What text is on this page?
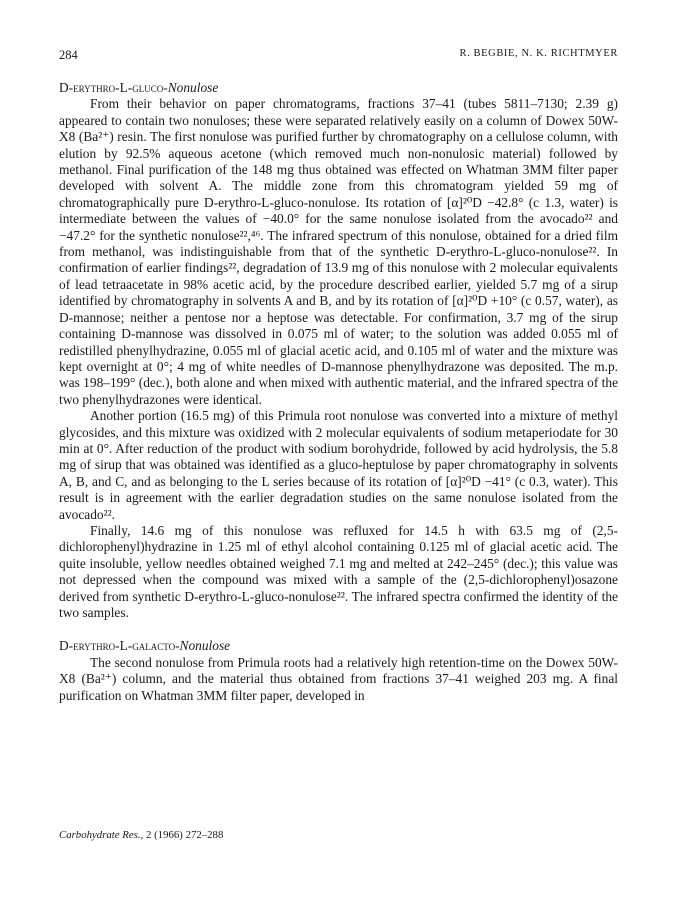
284	R. BEGBIE, N. K. RICHTMYER

D-erythro-L-gluco-Nonulose

From their behavior on paper chromatograms, fractions 37–41 (tubes 5811–7130; 2.39 g) appeared to contain two nonuloses; these were separated relatively easily on a column of Dowex 50W-X8 (Ba²⁺) resin. The first nonulose was purified further by chromatography on a cellulose column, with elution by 92.5% aqueous acetone (which removed much non-nonulosic material) followed by methanol. Final purification of the 148 mg thus obtained was effected on Whatman 3MM filter paper developed with solvent A. The middle zone from this chromatogram yielded 59 mg of chromatographically pure D-erythro-L-gluco-nonulose. Its rotation of [α]²⁰D −42.8° (c 1.3, water) is intermediate between the values of −40.0° for the same nonulose isolated from the avocado²² and −47.2° for the synthetic nonulose²²,⁴⁶. The infrared spectrum of this nonulose, obtained for a dried film from methanol, was indistinguishable from that of the synthetic D-erythro-L-gluco-nonulose²². In confirmation of earlier findings²², degradation of 13.9 mg of this nonulose with 2 molecular equivalents of lead tetraacetate in 98% acetic acid, by the procedure described earlier, yielded 5.7 mg of a sirup identified by chromatography in solvents A and B, and by its rotation of [α]²⁰D +10° (c 0.57, water), as D-mannose; neither a pentose nor a heptose was detectable. For confirmation, 3.7 mg of the sirup containing D-mannose was dissolved in 0.075 ml of water; to the solution was added 0.055 ml of redistilled phenylhydrazine, 0.055 ml of glacial acetic acid, and 0.105 ml of water and the mixture was kept overnight at 0°; 4 mg of white needles of D-mannose phenylhydrazone was deposited. The m.p. was 198–199° (dec.), both alone and when mixed with authentic material, and the infrared spectra of the two phenylhydrazones were identical.

Another portion (16.5 mg) of this Primula root nonulose was converted into a mixture of methyl glycosides, and this mixture was oxidized with 2 molecular equivalents of sodium metaperiodate for 30 min at 0°. After reduction of the product with sodium borohydride, followed by acid hydrolysis, the 5.8 mg of sirup that was obtained was identified as a gluco-heptulose by paper chromatography in solvents A, B, and C, and as belonging to the L series because of its rotation of [α]²⁰D −41° (c 0.3, water). This result is in agreement with the earlier degradation studies on the same nonulose isolated from the avocado²².

Finally, 14.6 mg of this nonulose was refluxed for 14.5 h with 63.5 mg of (2,5-dichlorophenyl)hydrazine in 1.25 ml of ethyl alcohol containing 0.125 ml of glacial acetic acid. The quite insoluble, yellow needles obtained weighed 7.1 mg and melted at 242–245° (dec.); this value was not depressed when the compound was mixed with a sample of the (2,5-dichlorophenyl)osazone derived from synthetic D-erythro-L-gluco-nonulose²². The infrared spectra confirmed the identity of the two samples.

D-erythro-L-galacto-Nonulose

The second nonulose from Primula roots had a relatively high retention-time on the Dowex 50W-X8 (Ba²⁺) column, and the material thus obtained from fractions 37–41 weighed 203 mg. A final purification on Whatman 3MM filter paper, developed in

Carbohydrate Res., 2 (1966) 272–288
